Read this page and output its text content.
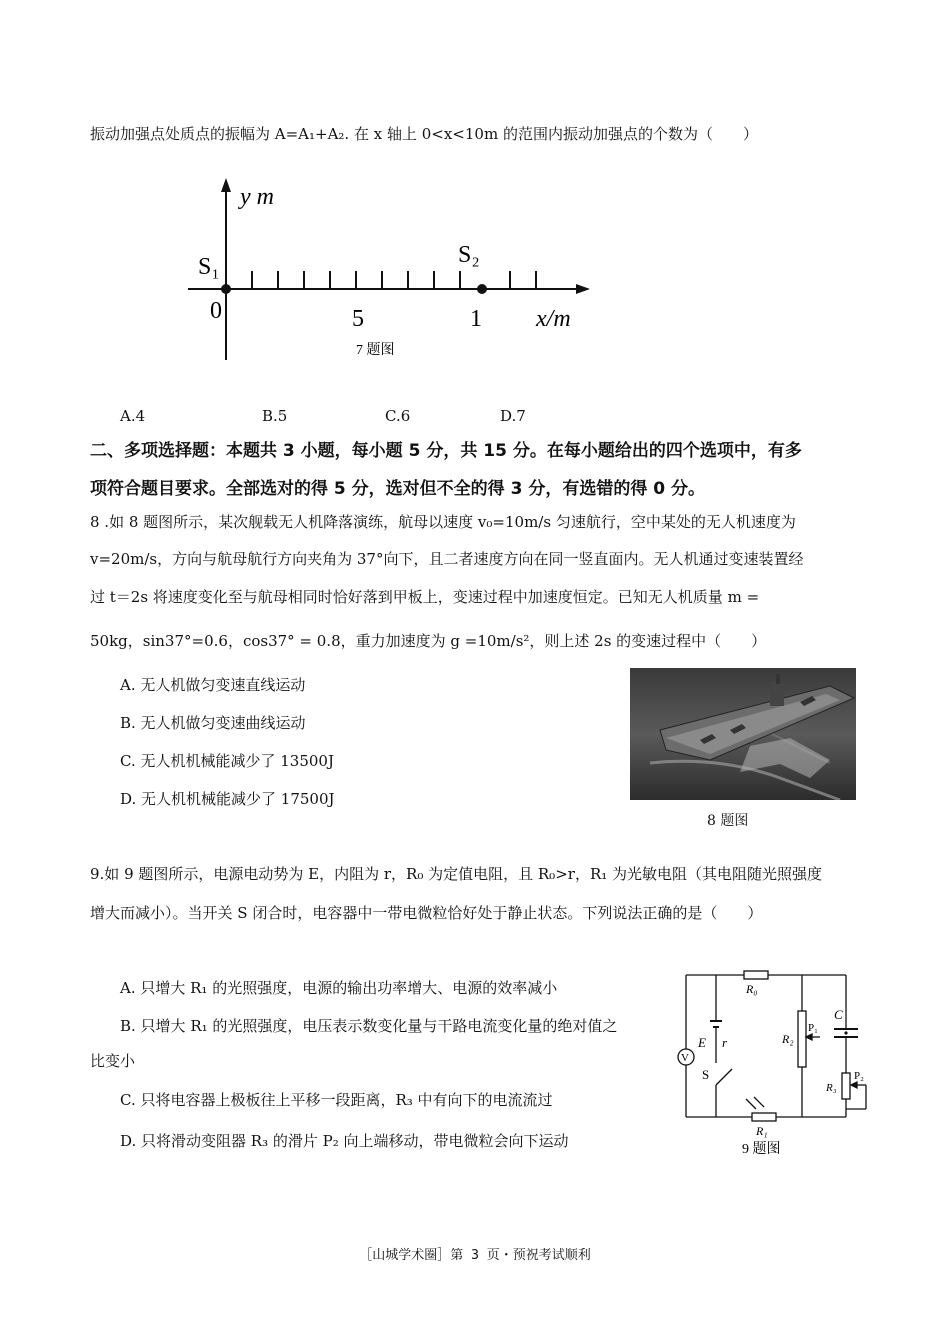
振动加强点处质点的振幅为 A=A₁+A₂. 在 x 轴上 0<x<10m 的范围内振动加强点的个数为（　　）
y m
S₁	S₂
0	5	1 x/m
7 题图
A.4	B.5	C.6	D.7
二、多项选择题：本题共 3 小题，每小题 5 分，共 15 分。在每小题给出的四个选项中，有多
项符合题目要求。全部选对的得 5 分，选对但不全的得 3 分，有选错的得 0 分。
8 .如 8 题图所示，某次舰载无人机降落演练，航母以速度 v₀=10m/s 匀速航行，空中某处的无人机速度为
v=20m/s，方向与航母航行方向夹角为 37°向下，且二者速度方向在同一竖直面内。无人机通过变速装置经
过 t＝2s 将速度变化至与航母相同时恰好落到甲板上，变速过程中加速度恒定。已知无人机质量 m =
50kg，sin37°=0.6，cos37° = 0.8，重力加速度为 g =10m/s²，则上述 2s 的变速过程中（　　）
A. 无人机做匀变速直线运动
B. 无人机做匀变速曲线运动
C. 无人机机械能减少了 13500J
D. 无人机机械能减少了 17500J
8 题图
9.如 9 题图所示，电源电动势为 E，内阻为 r，R₀ 为定值电阻，且 R₀>r，R₁ 为光敏电阻（其电阻随光照强度
增大而减小）。当开关 S 闭合时，电容器中一带电微粒恰好处于静止状态。下列说法正确的是（　　）
A. 只增大 R₁ 的光照强度，电源的输出功率增大、电源的效率减小
B. 只增大 R₁ 的光照强度，电压表示数变化量与干路电流变化量的绝对值之
比变小
C. 只将电容器上极板往上平移一段距离，R₃ 中有向下的电流流过
D. 只将滑动变阻器 R₃ 的滑片 P₂ 向上端移动，带电微粒会向下运动
R₀
R₂
P₁
C
R₃
P₂
E r
S
V
R₁
9 题图
［山城学术圈］第 3 页・预祝考试顺利
